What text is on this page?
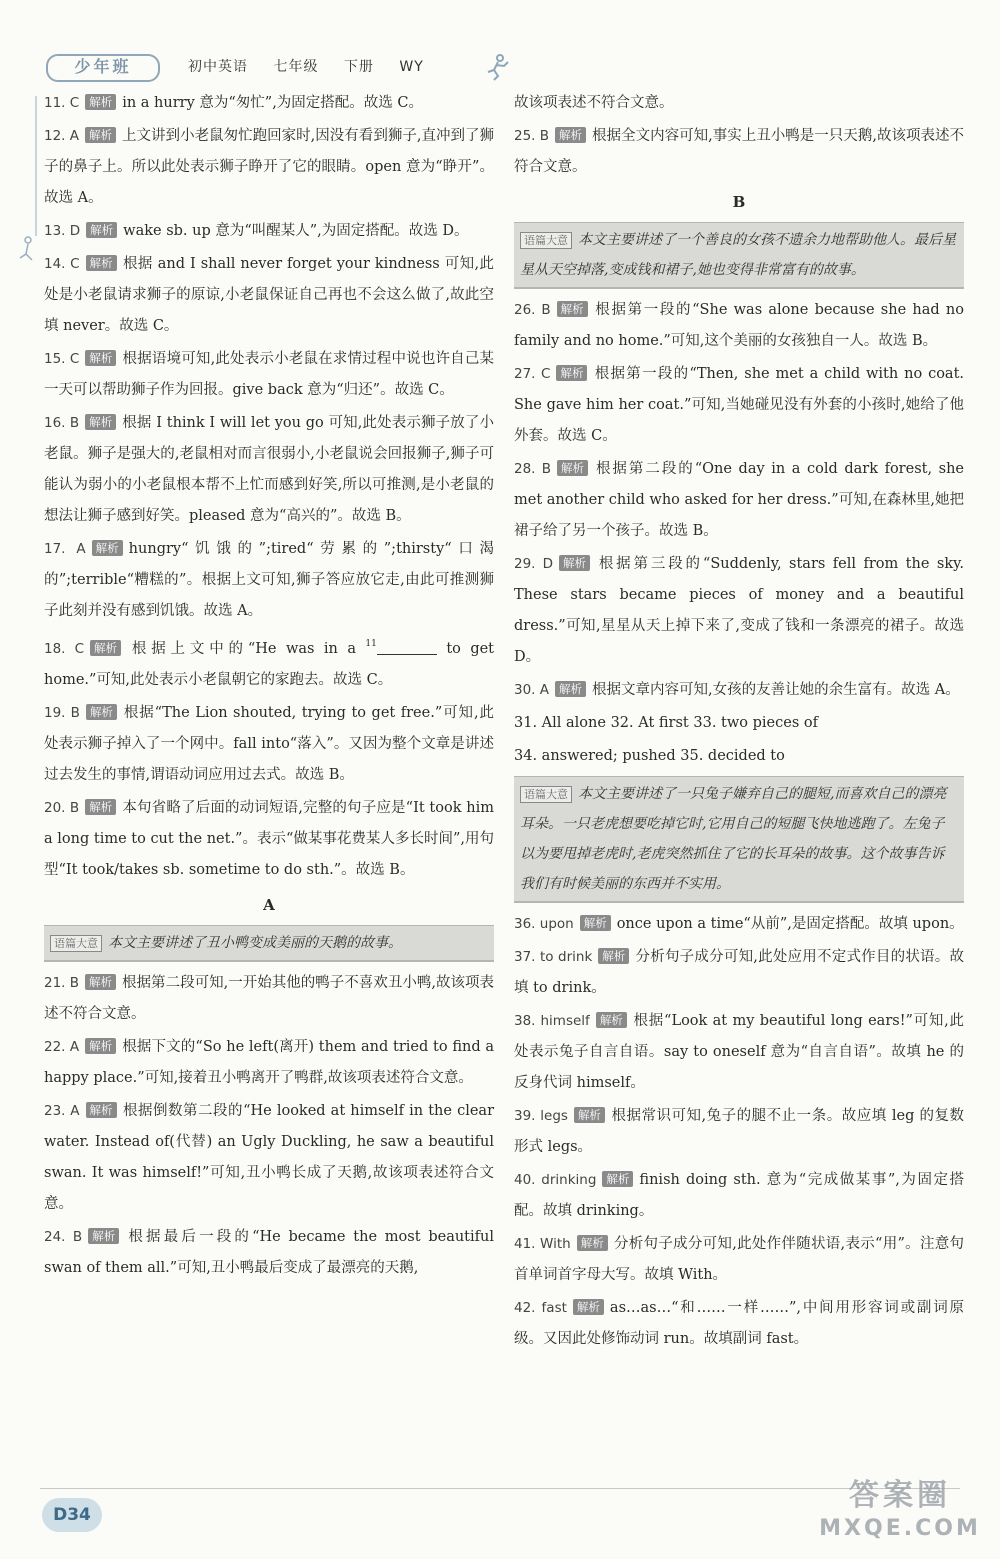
少年班	初中英语 七年级 下册 WY
11. C 解析 in a hurry 意为“匆忙”,为固定搭配。故选 C。
12. A 解析 上文讲到小老鼠匆忙跑回家时,因没有看到狮子,直冲到了狮子的鼻子上。所以此处表示狮子睁开了它的眼睛。open 意为“睁开”。故选 A。
13. D 解析 wake sb. up 意为“叫醒某人”,为固定搭配。故选 D。
14. C 解析 根据 and I shall never forget your kindness 可知,此处是小老鼠请求狮子的原谅,小老鼠保证自己再也不会这么做了,故此空填 never。故选 C。
15. C 解析 根据语境可知,此处表示小老鼠在求情过程中说也许自己某一天可以帮助狮子作为回报。give back 意为“归还”。故选 C。
16. B 解析 根据 I think I will let you go 可知,此处表示狮子放了小老鼠。狮子是强大的,老鼠相对而言很弱小,小老鼠说会回报狮子,狮子可能认为弱小的小老鼠根本帮不上忙而感到好笑,所以可推测,是小老鼠的想法让狮子感到好笑。pleased 意为“高兴的”。故选 B。
17. A 解析 hungry“饥饿的”;tired“劳累的”;thirsty“口渴的”;terrible“糟糕的”。根据上文可知,狮子答应放它走,由此可推测狮子此刻并没有感到饥饿。故选 A。
18. C 解析 根据上文中的“He was in a $^{11}$	to get home.”可知,此处表示小老鼠朝它的家跑去。故选 C。
19. B 解析 根据“The Lion shouted, trying to get free.”可知,此处表示狮子掉入了一个网中。fall into“落入”。又因为整个文章是讲述过去发生的事情,谓语动词应用过去式。故选 B。
20. B 解析 本句省略了后面的动词短语,完整的句子应是“It took him a long time to cut the net.”。表示“做某事花费某人多长时间”,用句型“It took/takes sb. sometime to do sth.”。故选 B。
A
语篇大意 本文主要讲述了丑小鸭变成美丽的天鹅的故事。
21. B 解析 根据第二段可知,一开始其他的鸭子不喜欢丑小鸭,故该项表述不符合文意。
22. A 解析 根据下文的“So he left(离开) them and tried to find a happy place.”可知,接着丑小鸭离开了鸭群,故该项表述符合文意。
23. A 解析 根据倒数第二段的“He looked at himself in the clear water. Instead of(代替) an Ugly Duckling, he saw a beautiful swan. It was himself!”可知,丑小鸭长成了天鹅,故该项表述符合文意。
24. B 解析 根据最后一段的“He became the most beautiful swan of them all.”可知,丑小鸭最后变成了最漂亮的天鹅,
故该项表述不符合文意。
25. B 解析 根据全文内容可知,事实上丑小鸭是一只天鹅,故该项表述不符合文意。
B
语篇大意 本文主要讲述了一个善良的女孩不遗余力地帮助他人。最后星星从天空掉落,变成钱和裙子,她也变得非常富有的故事。
26. B 解析 根据第一段的“She was alone because she had no family and no home.”可知,这个美丽的女孩独自一人。故选 B。
27. C 解析 根据第一段的“Then, she met a child with no coat. She gave him her coat.”可知,当她碰见没有外套的小孩时,她给了他外套。故选 C。
28. B 解析 根据第二段的“One day in a cold dark forest, she met another child who asked for her dress.”可知,在森林里,她把裙子给了另一个孩子。故选 B。
29. D 解析 根据第三段的“Suddenly, stars fell from the sky. These stars became pieces of money and a beautiful dress.”可知,星星从天上掉下来了,变成了钱和一条漂亮的裙子。故选 D。
30. A 解析 根据文章内容可知,女孩的友善让她的余生富有。故选 A。
31. All alone 32. At first 33. two pieces of
34. answered; pushed 35. decided to
语篇大意 本文主要讲述了一只兔子嫌弃自己的腿短,而喜欢自己的漂亮耳朵。一只老虎想要吃掉它时,它用自己的短腿飞快地逃跑了。左兔子以为要甩掉老虎时,老虎突然抓住了它的长耳朵的故事。这个故事告诉我们有时候美丽的东西并不实用。
36. upon 解析 once upon a time“从前”,是固定搭配。故填 upon。
37. to drink 解析 分析句子成分可知,此处应用不定式作目的状语。故填 to drink。
38. himself 解析 根据“Look at my beautiful long ears!”可知,此处表示兔子自言自语。say to oneself 意为“自言自语”。故填 he 的反身代词 himself。
39. legs 解析 根据常识可知,兔子的腿不止一条。故应填 leg 的复数形式 legs。
40. drinking 解析 finish doing sth. 意为“完成做某事”,为固定搭配。故填 drinking。
41. With 解析 分析句子成分可知,此处作伴随状语,表示“用”。注意句首单词首字母大写。故填 With。
42. fast 解析 as…as…“和……一样……”,中间用形容词或副词原级。又因此处修饰动词 run。故填副词 fast。
D34
答案圈
MXQE.COM
